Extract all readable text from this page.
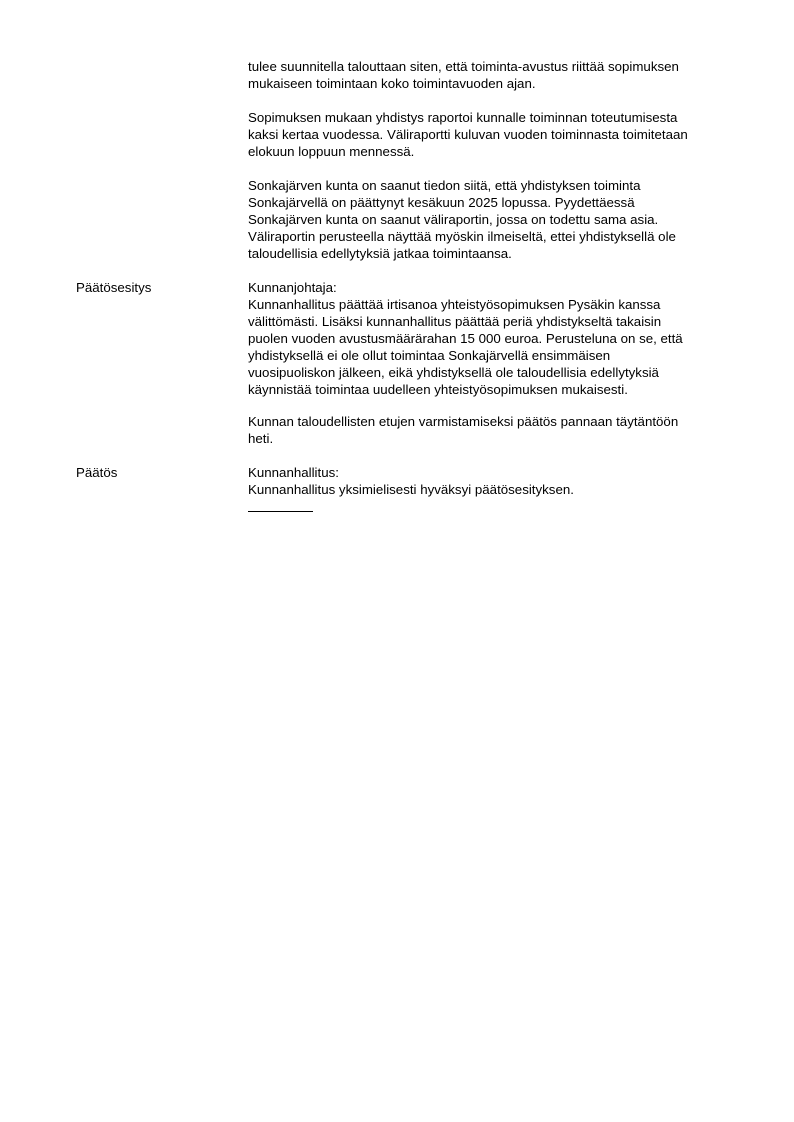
tulee suunnitella talouttaan siten, että toiminta-avustus riittää sopimuksen
mukaiseen toimintaan koko toimintavuoden ajan.

Sopimuksen mukaan yhdistys raportoi kunnalle toiminnan toteutumisesta
kaksi kertaa vuodessa. Väliraportti kuluvan vuoden toiminnasta toimitetaan
elokuun loppuun mennessä.

Sonkajärven kunta on saanut tiedon siitä, että yhdistyksen toiminta
Sonkajärvellä on päättynyt kesäkuun 2025 lopussa. Pyydettäessä
Sonkajärven kunta on saanut väliraportin, jossa on todettu sama asia.
Väliraportin perusteella näyttää myöskin ilmeiseltä, ettei yhdistyksellä ole
taloudellisia edellytyksiä jatkaa toimintaansa.

Päätösesitys	Kunnanjohtaja:

Kunnanhallitus päättää irtisanoa yhteistyösopimuksen Pysäkin kanssa
välittömästi. Lisäksi kunnanhallitus päättää periä yhdistykseltä takaisin
puolen vuoden avustusmäärärahan 15 000 euroa. Perusteluna on se, että
yhdistyksellä ei ole ollut toimintaa Sonkajärvellä ensimmäisen
vuosipuoliskon jälkeen, eikä yhdistyksellä ole taloudellisia edellytyksiä
käynnistää toimintaa uudelleen yhteistyösopimuksen mukaisesti.

Kunnan taloudellisten etujen varmistamiseksi päätös pannaan täytäntöön
heti.

Päätös	Kunnanhallitus:

Kunnanhallitus yksimielisesti hyväksyi päätösesityksen.
